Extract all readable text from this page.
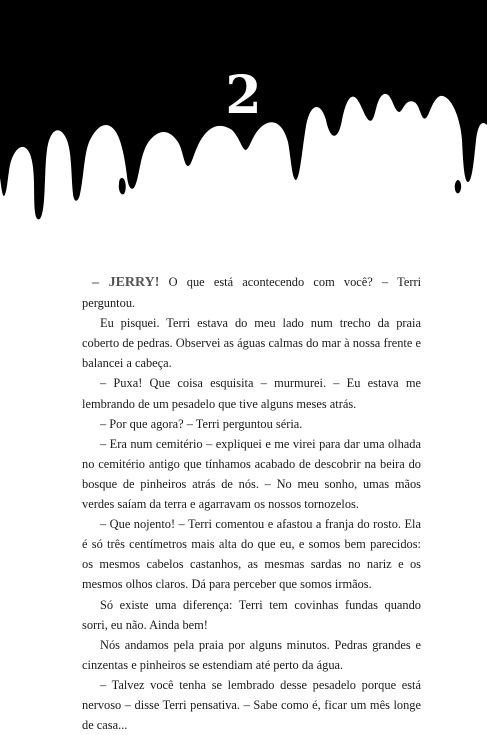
2

– JERRY! O que está acontecendo com você? – Terri perguntou.

Eu pisquei. Terri estava do meu lado num trecho da praia coberto de pedras. Observei as águas calmas do mar à nossa frente e balancei a cabeça.

– Puxa! Que coisa esquisita – murmurei. – Eu estava me lembrando de um pesadelo que tive alguns meses atrás.

– Por que agora? – Terri perguntou séria.

– Era num cemitério – expliquei e me virei para dar uma olhada no cemitério antigo que tínhamos acabado de descobrir na beira do bosque de pinheiros atrás de nós. – No meu sonho, umas mãos verdes saíam da terra e agarravam os nossos tornozelos.

– Que nojento! – Terri comentou e afastou a franja do rosto. Ela é só três centímetros mais alta do que eu, e somos bem parecidos: os mesmos cabelos castanhos, as mesmas sardas no nariz e os mesmos olhos claros. Dá para perceber que somos irmãos.

Só existe uma diferença: Terri tem covinhas fundas quando sorri, eu não. Ainda bem!

Nós andamos pela praia por alguns minutos. Pedras grandes e cinzentas e pinheiros se estendiam até perto da água.

– Talvez você tenha se lembrado desse pesadelo porque está nervoso – disse Terri pensativa. – Sabe como é, ficar um mês longe de casa...
